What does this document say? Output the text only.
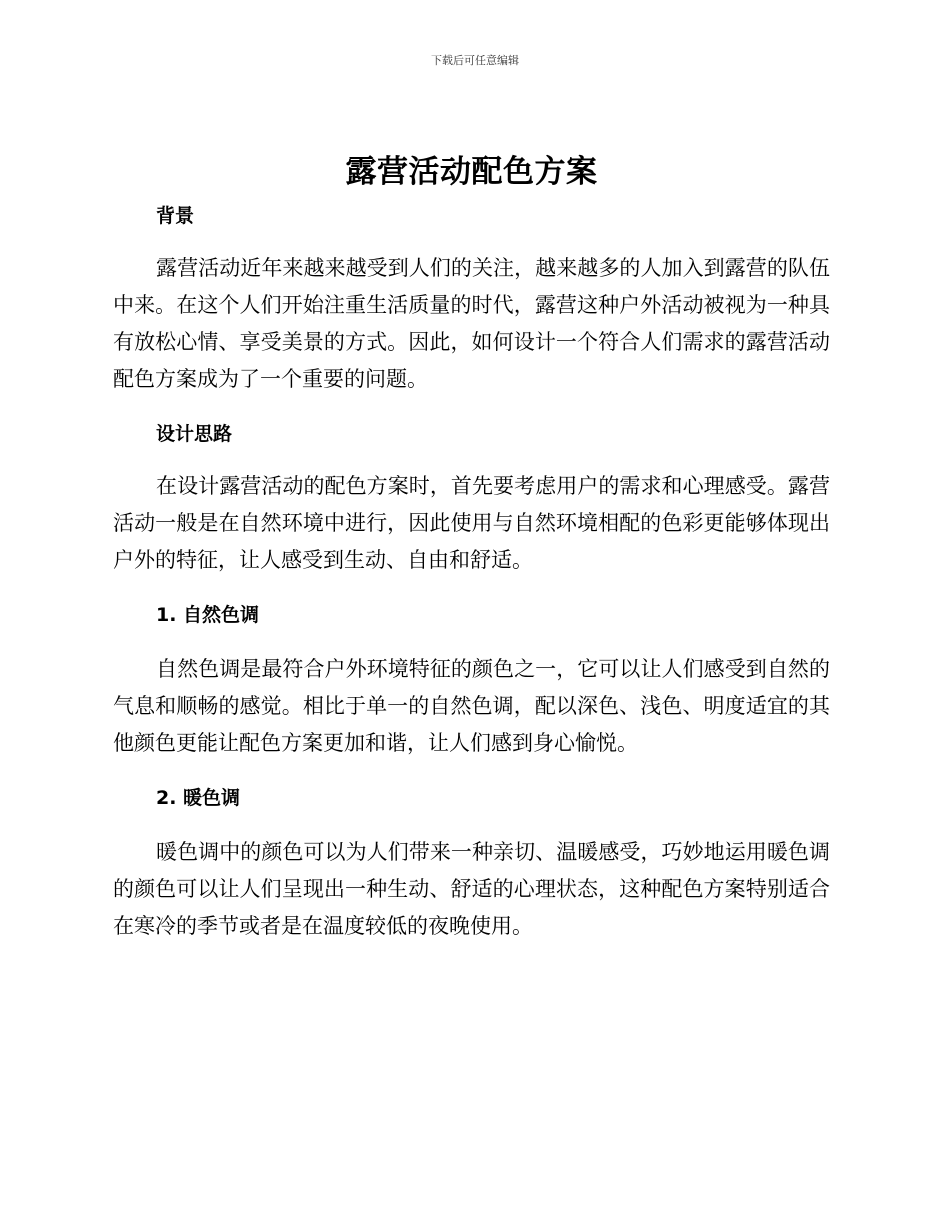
下载后可任意编辑
露营活动配色方案
背景

露营活动近年来越来越受到人们的关注，越来越多的人加入到露营的队伍中来。在这个人们开始注重生活质量的时代，露营这种户外活动被视为一种具有放松心情、享受美景的方式。因此，如何设计一个符合人们需求的露营活动配色方案成为了一个重要的问题。

设计思路

在设计露营活动的配色方案时，首先要考虑用户的需求和心理感受。露营活动一般是在自然环境中进行，因此使用与自然环境相配的色彩更能够体现出户外的特征，让人感受到生动、自由和舒适。

1. 自然色调

自然色调是最符合户外环境特征的颜色之一，它可以让人们感受到自然的气息和顺畅的感觉。相比于单一的自然色调，配以深色、浅色、明度适宜的其他颜色更能让配色方案更加和谐，让人们感到身心愉悦。

2. 暖色调

暖色调中的颜色可以为人们带来一种亲切、温暖感受，巧妙地运用暖色调的颜色可以让人们呈现出一种生动、舒适的心理状态，这种配色方案特别适合在寒冷的季节或者是在温度较低的夜晚使用。
